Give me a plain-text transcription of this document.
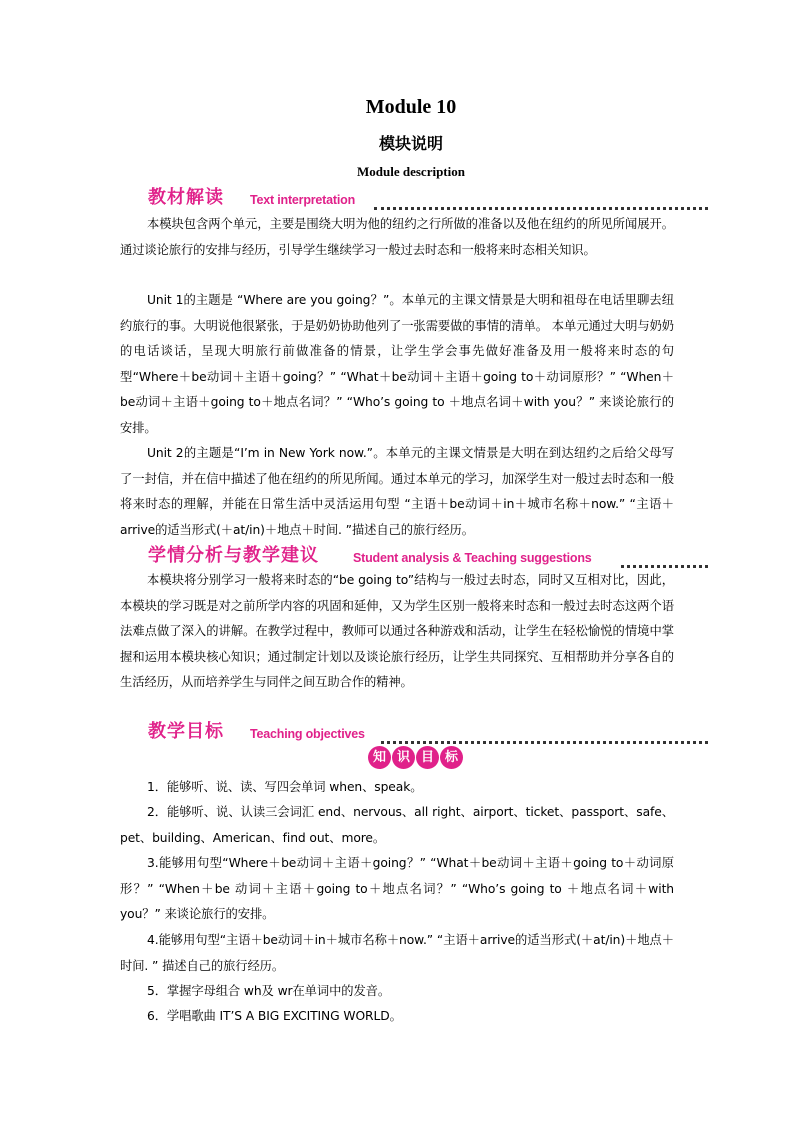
Module 10
模块说明
Module description
教材解读 Text interpretation

本模块包含两个单元，主要是围绕大明为他的纽约之行所做的准备以及他在纽约的所见所闻展开。通过谈论旅行的安排与经历，引导学生继续学习一般过去时态和一般将来时态相关知识。

Unit 1的主题是 “Where are you going？”。本单元的主课文情景是大明和祖母在电话里聊去纽约旅行的事。大明说他很紧张，于是奶奶协助他列了一张需要做的事情的清单。 本单元通过大明与奶奶的电话谈话，呈现大明旅行前做准备的情景，让学生学会事先做好准备及用一般将来时态的句型“Where＋be动词＋主语＋going？” “What＋be动词＋主语＋going to＋动词原形？” “When＋be动词＋主语＋going to＋地点名词？” “Who’s going to ＋地点名词＋with you？” 来谈论旅行的安排。

Unit 2的主题是“I’m in New York now.”。本单元的主课文情景是大明在到达纽约之后给父母写了一封信，并在信中描述了他在纽约的所见所闻。通过本单元的学习，加深学生对一般过去时态和一般将来时态的理解，并能在日常生活中灵活运用句型 “主语＋be动词＋in＋城市名称＋now.” “主语＋arrive的适当形式(＋at/in)＋地点＋时间. ”描述自己的旅行经历。

学情分析与教学建议	Student analysis & Teaching suggestions

本模块将分别学习一般将来时态的“be going to”结构与一般过去时态，同时又互相对比，因此，本模块的学习既是对之前所学内容的巩固和延伸，又为学生区别一般将来时态和一般过去时态这两个语法难点做了深入的讲解。在教学过程中，教师可以通过各种游戏和活动，让学生在轻松愉悦的情境中掌握和运用本模块核心知识；通过制定计划以及谈论旅行经历，让学生共同探究、互相帮助并分享各自的生活经历，从而培养学生与同伴之间互助合作的精神。

教学目标 Teaching objectives
知 识 目 标

1．能够听、说、读、写四会单词 when、speak。

2．能够听、说、认读三会词汇 end、nervous、all right、airport、ticket、passport、safe、pet、building、American、find out、more。

3.能够用句型“Where＋be动词＋主语＋going？” “What＋be动词＋主语＋going to＋动词原形？” “When＋be 动词＋主语＋going to＋地点名词？” “Who’s going to ＋地点名词＋with you？” 来谈论旅行的安排。

4.能够用句型“主语＋be动词＋in＋城市名称＋now.” “主语＋arrive的适当形式(＋at/in)＋地点＋时间. ” 描述自己的旅行经历。

5．掌握字母组合 wh及 wr在单词中的发音。

6．学唱歌曲 IT’S A BIG EXCITING WORLD。
